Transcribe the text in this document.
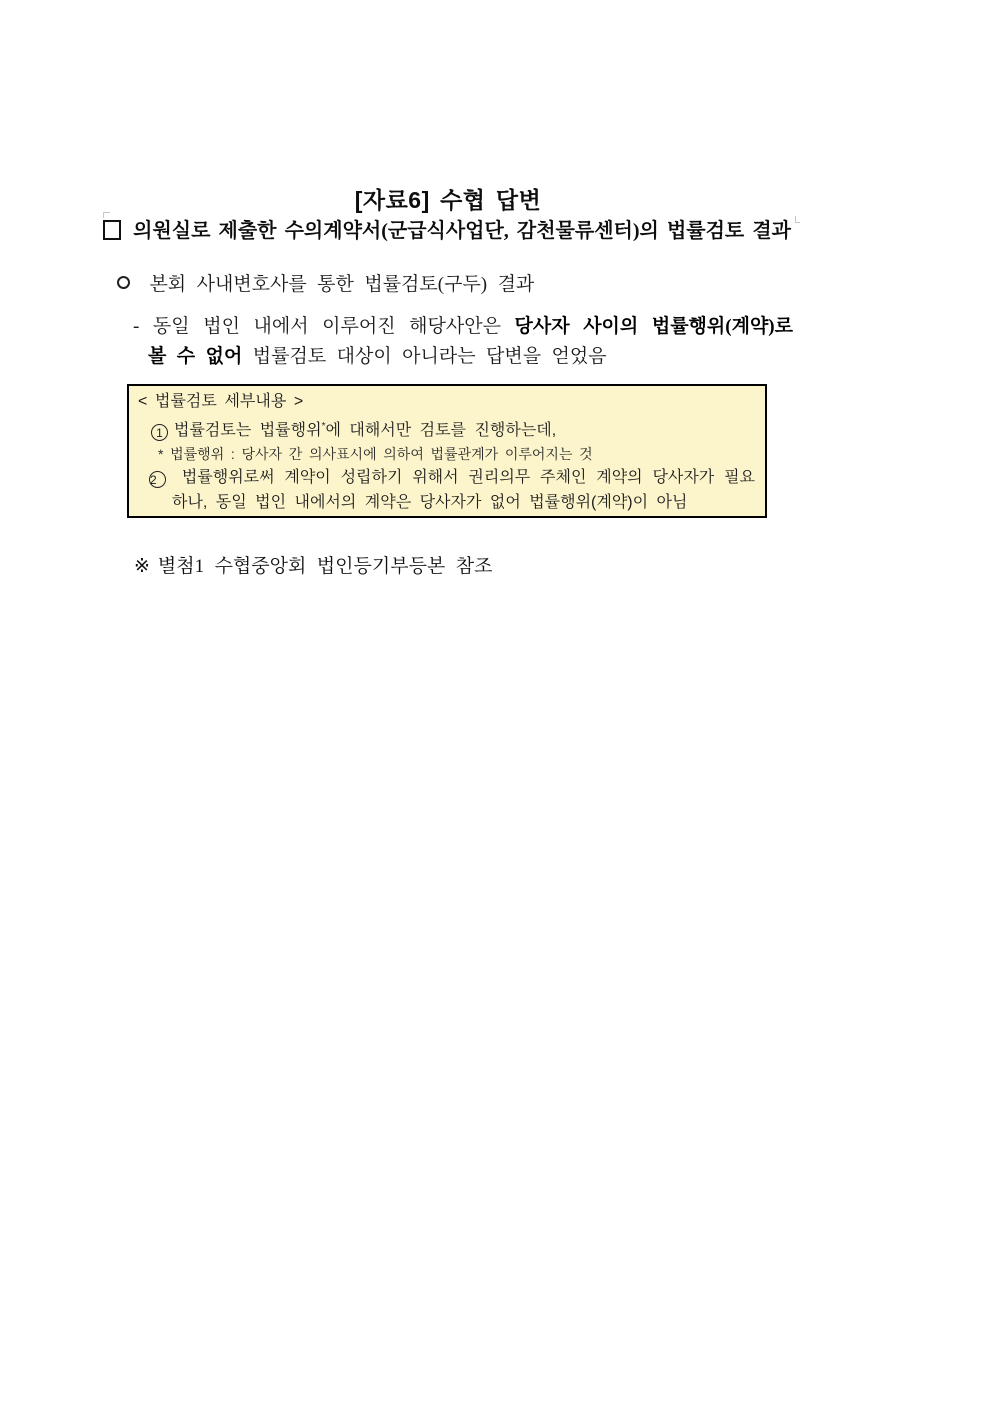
[자료6] 수협 답변
의원실로 제출한 수의계약서(군급식사업단, 감천물류센터)의 법률검토 결과
본회 사내변호사를 통한 법률검토(구두) 결과
- 동일 법인 내에서 이루어진 해당사안은 당사자 사이의 법률행위(계약)로
볼 수 없어 법률검토 대상이 아니라는 답변을 얻었음
< 법률검토 세부내용 >
1 법률검토는 법률행위*에 대해서만 검토를 진행하는데,
* 법률행위 : 당사자 간 의사표시에 의하여 법률관계가 이루어지는 것
2 법률행위로써 계약이 성립하기 위해서 권리의무 주체인 계약의 당사자가 필요
하나, 동일 법인 내에서의 계약은 당사자가 없어 법률행위(계약)이 아님
※ 별첨1 수협중앙회 법인등기부등본 참조
